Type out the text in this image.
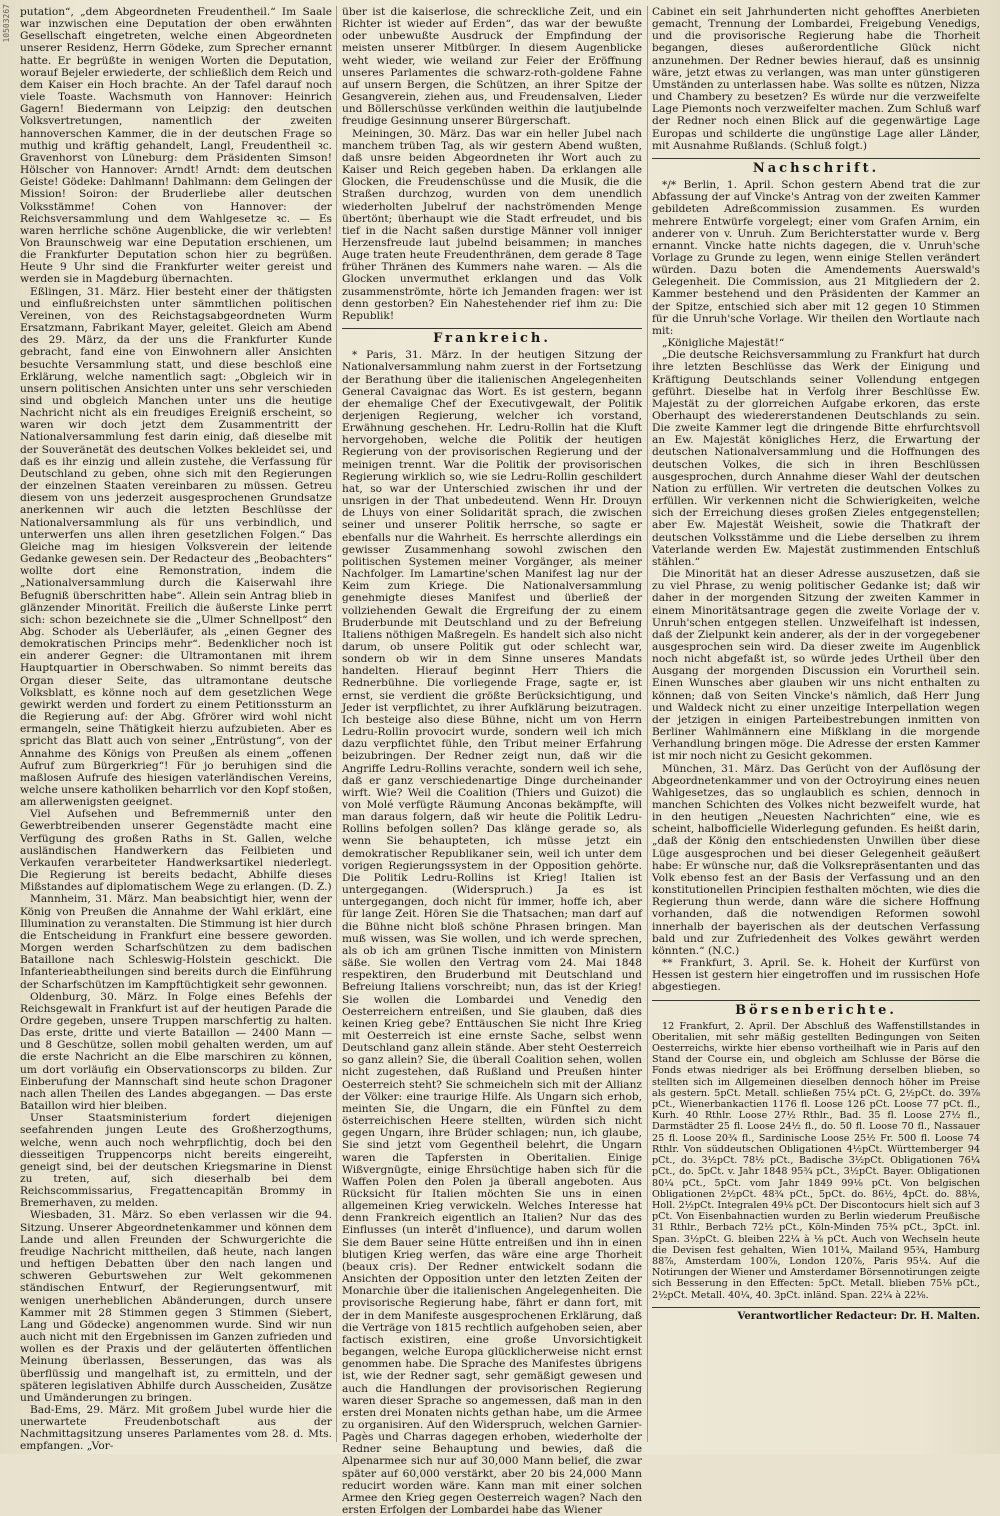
10503267 putation“, „dem Abgeordneten Freudentheil.“ Im Saale war inzwischen eine Deputation der oben erwähnten Gesellschaft eingetreten, welche einen Abgeordneten unserer Residenz, Herrn Gödeke, zum Sprecher ernannt hatte. Er begrüßte in wenigen Worten die Deputation, worauf Bejeler erwiederte, der schließlich dem Reich und dem Kaiser ein Hoch brachte. An der Tafel darauf noch viele Toaste. Wachsmuth von Hannover: Heinrich Gagern! Biedermann von Leipzig: den deutschen Volksvertretungen, namentlich der zweiten hannoverschen Kammer, die in der deutschen Frage so muthig und kräftig gehandelt, Langl, Freudentheil ꝛc. Gravenhorst von Lüneburg: dem Präsidenten Simson! Hölscher von Hannover: Arndt! Arndt: dem deutschen Geiste! Gödeke: Dahlmann! Dahlmann: dem Gelingen der Mission! Soiron: der Bruderliebe aller deutschen Volksstämme! Cohen von Hannover: der Reichsversammlung und dem Wahlgesetze ꝛc. — Es waren herrliche schöne Augenblicke, die wir verlebten! Von Braunschweig war eine Deputation erschienen, um die Frankfurter Deputation schon hier zu begrüßen. Heute 9 Uhr sind die Frankfurter weiter gereist und werden sie in Magdeburg übernachten.

Eßlingen, 31. März. Hier besteht einer der thätigsten und einflußreichsten unter sämmtlichen politischen Vereinen, von des Reichstagsabgeordneten Wurm Ersatzmann, Fabrikant Mayer, geleitet. Gleich am Abend des 29. März, da der uns die Frankfurter Kunde gebracht, fand eine von Einwohnern aller Ansichten besuchte Versammlung statt, und diese beschloß eine Erklärung, welche namentlich sagt: „Obgleich wir in unsern politischen Ansichten unter uns sehr verschieden sind und obgleich Manchen unter uns die heutige Nachricht nicht als ein freudiges Ereigniß erscheint, so waren wir doch jetzt dem Zusammentritt der Nationalversammlung fest darin einig, daß dieselbe mit der Souveränetät des deutschen Volkes bekleidet sei, und daß es ihr einzig und allein zustehe, die Verfassung für Deutschland zu geben, ohne sich mit den Regierungen der einzelnen Staaten vereinbaren zu müssen. Getreu diesem von uns jederzeit ausgesprochenen Grundsatze anerkennen wir auch die letzten Beschlüsse der Nationalversammlung als für uns verbindlich, und unterwerfen uns allen ihren gesetzlichen Folgen.“ Das Gleiche mag im hiesigen Volksverein der leitende Gedanke gewesen sein. Der Redacteur des „Beobachters“ wollte dort eine Remonstration, indem die „Nationalversammlung durch die Kaiserwahl ihre Befugniß überschritten habe“. Allein sein Antrag blieb in glänzender Minorität. Freilich die äußerste Linke perrt sich: schon bezeichnete sie die „Ulmer Schnellpost“ den Abg. Schoder als Ueberläufer, als „einen Gegner des demokratischen Princips mehr“. Bedenklicher noch ist ein anderer Gegner: die Ultramontanen mit ihrem Hauptquartier in Oberschwaben. So nimmt bereits das Organ dieser Seite, das ultramontane deutsche Volksblatt, es könne noch auf dem gesetzlichen Wege gewirkt werden und fordert zu einem Petitionssturm an die Regierung auf: der Abg. Gfrörer wird wohl nicht ermangeln, seine Thätigkeit hierzu aufzubieten. Aber es spricht das Blatt auch von seiner „Entrüstung“, von der Annahme des Königs von Preußen als einem „offenen Aufruf zum Bürgerkrieg“! Für jo beruhigen sind die maßlosen Aufrufe des hiesigen vaterländischen Vereins, welche unsere katholiken beharrlich vor den Kopf stoßen, am allerwenigsten geeignet.

Viel Aufsehen und Befremmerniß unter den Gewerbtreibenden unserer Gegenstädte macht eine Verfügung des großen Raths in St. Gallen, welche ausländischen Handwerkern das Feilbieten und Verkaufen verarbeiteter Handwerksartikel niederlegt. Die Regierung ist bereits bedacht, Abhilfe dieses Mißstandes auf diplomatischem Wege zu erlangen. (D. Z.)

Mannheim, 31. März. Man beabsichtigt hier, wenn der König von Preußen die Annahme der Wahl erklärt, eine Illumination zu veranstalten. Die Stimmung ist hier durch die Entscheidung in Frankfurt eine bessere geworden. Morgen werden Scharfschützen zu dem badischen Bataillone nach Schleswig-Holstein geschickt. Die Infanterieabtheilungen sind bereits durch die Einführung der Scharfschützen im Kampftüchtigkeit sehr gewonnen.

Oldenburg, 30. März. In Folge eines Befehls der Reichsgewalt in Frankfurt ist auf der heutigen Parade die Ordre gegeben, unsere Truppen marschfertig zu halten. Das erste, dritte und vierte Bataillon — 2400 Mann — und 8 Geschütze, sollen mobil gehalten werden, um auf die erste Nachricht an die Elbe marschiren zu können, um dort vorläufig ein Observationscorps zu bilden. Zur Einberufung der Mannschaft sind heute schon Dragoner nach allen Theilen des Landes abgegangen. — Das erste Bataillon wird hier bleiben.

Unser Staatsministerium fordert diejenigen seefahrenden jungen Leute des Großherzogthums, welche, wenn auch noch wehrpflichtig, doch bei den diesseitigen Truppencorps nicht bereits eingereiht, geneigt sind, bei der deutschen Kriegsmarine in Dienst zu treten, auf, sich dieserhalb bei dem Reichscommissarius, Fregattencapitän Brommy in Bremerhaven, zu melden.

Wiesbaden, 31. März. So eben verlassen wir die 94. Sitzung. Unserer Abgeordnetenkammer und können dem Lande und allen Freunden der Schwurgerichte die freudige Nachricht mittheilen, daß heute, nach langen und heftigen Debatten über den nach langen und schweren Geburtswehen zur Welt gekommenen ständischen Entwurf, der Regierungsentwurf, mit wenigen unerheblichen Abänderungen, durch unsere Kammer mit 28 Stimmen gegen 3 Stimmen (Siebert, Lang und Gödecke) angenommen wurde. Sind wir nun auch nicht mit den Ergebnissen im Ganzen zufrieden und wollen es der Praxis und der geläuterten öffentlichen Meinung überlassen, Besserungen, das was als überflüssig und mangelhaft ist, zu ermitteln, und der späteren legislativen Abhilfe durch Ausscheiden, Zusätze und Umänderungen zu bringen.

Bad-Ems, 29. März. Mit großem Jubel wurde hier die unerwartete Freudenbotschaft aus der Nachmittagsitzung unseres Parlamentes vom 28. d. Mts. empfangen. „Vor-

über ist die kaiserlose, die schreckliche Zeit, und ein Richter ist wieder auf Erden“, das war der bewußte oder unbewußte Ausdruck der Empfindung der meisten unserer Mitbürger. In diesem Augenblicke weht wieder, wie weiland zur Feier der Eröffnung unseres Parlamentes die schwarz-roth-goldene Fahne auf unsern Bergen, die Schützen, an ihrer Spitze der Gesangverein, ziehen aus, und Freudensalven, Lieder und Böllerschüsse verkünden weithin die lautjubelnde freudige Gesinnung unserer Bürgerschaft.

Meiningen, 30. März. Das war ein heller Jubel nach manchem trüben Tag, als wir gestern Abend wußten, daß unsre beiden Abgeordneten ihr Wort auch zu Kaiser und Reich gegeben haben. Da erklangen alle Glocken, die Freudenschüsse und die Musik, die die Straßen durchzog, wurden von dem unendlich wiederholten Jubelruf der nachströmenden Menge übertönt; überhaupt wie die Stadt erfreudet, und bis tief in die Nacht saßen durstige Männer voll inniger Herzensfreude laut jubelnd beisammen; in manches Auge traten heute Freudenthränen, dem gerade 8 Tage früher Thränen des Kummers nahe waren. — Als die Glocken unvermuthet erklangen und das Volk zusammenströmte, hörte ich Jemanden fragen: wer ist denn gestorben? Ein Nahestehender rief ihm zu: Die Republik!

Frankreich.

* Paris, 31. März. In der heutigen Sitzung der Nationalversammlung nahm zuerst in der Fortsetzung der Berathung über die italienischen Angelegenheiten General Cavaignac das Wort. Es ist gestern, begann der ehemalige Chef der Executivgewalt, der Politik derjenigen Regierung, welcher ich vorstand, Erwähnung geschehen. Hr. Ledru-Rollin hat die Kluft hervorgehoben, welche die Politik der heutigen Regierung von der provisorischen Regierung und der meinigen trennt. War die Politik der provisorischen Regierung wirklich so, wie sie Ledru-Rollin geschildert hat, so war der Unterschied zwischen ihr und der unsrigen in der That unbedeutend. Wenn Hr. Drouyn de Lhuys von einer Solidarität sprach, die zwischen seiner und unserer Politik herrsche, so sagte er ebenfalls nur die Wahrheit. Es herrschte allerdings ein gewisser Zusammenhang sowohl zwischen den politischen Systemen meiner Vorgänger, als meiner Nachfolger. Im Lamartine'schen Manifest lag nur der Keim zum Kriege. Die Nationalversammlung genehmigte dieses Manifest und überließ der vollziehenden Gewalt die Ergreifung der zu einem Bruderbunde mit Deutschland und zu der Befreiung Italiens nöthigen Maßregeln. Es handelt sich also nicht darum, ob unsere Politik gut oder schlecht war, sondern ob wir in dem Sinne unseres Mandats handelten. Hierauf beginnt Herr Thiers die Rednerbühne. Die vorliegende Frage, sagte er, ist ernst, sie verdient die größte Berücksichtigung, und Jeder ist verpflichtet, zu ihrer Aufklärung beizutragen. Ich besteige also diese Bühne, nicht um von Herrn Ledru-Rollin provocirt wurde, sondern weil ich mich dazu verpflichtet fühle, den Tribut meiner Erfahrung beizubringen. Der Redner zeigt nun, daß wir die Angriffe Ledru-Rollins verachte, sondern weil ich sehe, daß er ganz verschiedenartige Dinge durcheinander wirft. Wie? Weil die Coalition (Thiers und Guizot) die von Molé verfügte Räumung Anconas bekämpfte, will man daraus folgern, daß wir heute die Politik Ledru-Rollins befolgen sollen? Das klänge gerade so, als wenn Sie behaupteten, ich müsse jetzt ein demokratischer Republikaner sein, weil ich unter dem vorigen Regierungssystem in der Opposition gehörte. Die Politik Ledru-Rollins ist Krieg! Italien ist untergegangen. (Widerspruch.) Ja es ist untergegangen, doch nicht für immer, hoffe ich, aber für lange Zeit. Hören Sie die Thatsachen; man darf auf die Bühne nicht bloß schöne Phrasen bringen. Man muß wissen, was Sie wollen, und ich werde sprechen, als ob ich am grünen Tische inmitten von Ministern säße. Sie wollen den Vertrag vom 24. Mai 1848 respektiren, den Bruderbund mit Deutschland und Befreiung Italiens vorschreibt; nun, das ist der Krieg! Sie wollen die Lombardei und Venedig den Oesterreichern entreißen, und Sie glauben, daß dies keinen Krieg gebe? Enttäuschen Sie nicht Ihre Krieg mit Oesterreich ist eine ernste Sache, selbst wenn Deutschland ganz allein stände. Aber steht Oesterreich so ganz allein? Sie, die überall Coalition sehen, wollen nicht zugestehen, daß Rußland und Preußen hinter Oesterreich steht? Sie schmeicheln sich mit der Allianz der Völker: eine traurige Hilfe. Als Ungarn sich erhob, meinten Sie, die Ungarn, die ein Fünftel zu dem österreichischen Heere stellten, würden sich nicht gegen Ungarn, ihre Brüder schlagen; nun, ich glaube, Sie sind jetzt vom Gegentheil belehrt, die Ungarn waren die Tapfersten in Oberitalien. Einige Wißvergnügte, einige Ehrsüchtige haben sich für die Waffen Polen den Polen ja überall angeboten. Aus Rücksicht für Italien möchten Sie uns in einen allgemeinen Krieg verwickeln. Welches Interesse hat denn Frankreich eigentlich an Italien? Nur das des Einflusses (un interêt d'influence), und darum wollen Sie dem Bauer seine Hütte entreißen und ihn in einen blutigen Krieg werfen, das wäre eine arge Thorheit (beaux cris). Der Redner entwickelt sodann die Ansichten der Opposition unter den letzten Zeiten der Monarchie über die italienischen Angelegenheiten. Die provisorische Regierung habe, fährt er dann fort, mit der in dem Manifeste ausgesprochenen Erklärung, daß die Verträge von 1815 rechtlich aufgehoben seien, aber factisch existiren, eine große Unvorsichtigkeit begangen, welche Europa glücklicherweise nicht ernst genommen habe. Die Sprache des Manifestes übrigens ist, wie der Redner sagt, sehr gemäßigt gewesen und auch die Handlungen der provisorischen Regierung waren dieser Sprache so angemessen, daß man in den ersten drei Monaten nichts gethan habe, um die Armee zu organisiren. Auf den Widerspruch, welchen Garnier-Pagès und Charras dagegen erhoben, wiederholte der Redner seine Behauptung und bewies, daß die Alpenarmee sich nur auf 30,000 Mann belief, die zwar später auf 60,000 verstärkt, aber 20 bis 24,000 Mann reducirt worden wäre. Kann man mit einer solchen Armee den Krieg gegen Oesterreich wagen? Nach den ersten Erfolgen der Lombardei habe das Wiener

Cabinet ein seit Jahrhunderten nicht gehofftes Anerbieten gemacht, Trennung der Lombardei, Freigebung Venedigs, und die provisorische Regierung habe die Thorheit begangen, dieses außerordentliche Glück nicht anzunehmen. Der Redner bewies hierauf, daß es unsinnig wäre, jetzt etwas zu verlangen, was man unter günstigeren Umständen zu unterlassen habe. Was sollte es nützen, Nizza und Chambery zu besetzen? Es würde nur die verzweifelte Lage Piemonts noch verzweifelter machen. Zum Schluß warf der Redner noch einen Blick auf die gegenwärtige Lage Europas und schilderte die ungünstige Lage aller Länder, mit Ausnahme Rußlands. (Schluß folgt.)

Nachschrift.

*/* Berlin, 1. April. Schon gestern Abend trat die zur Abfassung der auf Vincke's Antrag von der zweiten Kammer gebildeten Adreßcommission zusammen. Es wurden mehrere Entwürfe vorgelegt; einer vom Grafen Arnim, ein anderer von v. Unruh. Zum Berichterstatter wurde v. Berg ernannt. Vincke hatte nichts dagegen, die v. Unruh'sche Vorlage zu Grunde zu legen, wenn einige Stellen verändert würden. Dazu boten die Amendements Auerswald's Gelegenheit. Die Commission, aus 21 Mitgliedern der 2. Kammer bestehend und den Präsidenten der Kammer an der Spitze, entschied sich aber mit 12 gegen 10 Stimmen für die Unruh'sche Vorlage. Wir theilen den Wortlaute nach mit:

„Königliche Majestät!“

„Die deutsche Reichsversammlung zu Frankfurt hat durch ihre letzten Beschlüsse das Werk der Einigung und Kräftigung Deutschlands seiner Vollendung entgegen geführt. Dieselbe hat in Verfolg ihrer Beschlüsse Ew. Majestät zu der glorreichen Aufgabe erkoren, das erste Oberhaupt des wiedererstandenen Deutschlands zu sein. Die zweite Kammer legt die dringende Bitte ehrfurchtsvoll an Ew. Majestät königliches Herz, die Erwartung der deutschen Nationalversammlung und die Hoffnungen des deutschen Volkes, die sich in ihren Beschlüssen ausgesprochen, durch Annahme dieser Wahl der deutschen Nation zu erfüllen. Wir vertreten die deutschen Volkes zu erfüllen. Wir verkennen nicht die Schwierigkeiten, welche sich der Erreichung dieses großen Zieles entgegenstellen; aber Ew. Majestät Weisheit, sowie die Thatkraft der deutschen Volksstämme und die Liebe derselben zu ihrem Vaterlande werden Ew. Majestät zustimmenden Entschluß stählen.“

Die Minorität hat an dieser Adresse auszusetzen, daß sie zu viel Phrase, zu wenig politischer Gedanke ist; daß wir daher in der morgenden Sitzung der zweiten Kammer in einem Minoritätsantrage gegen die zweite Vorlage der v. Unruh'schen entgegen stellen. Unzweifelhaft ist indessen, daß der Zielpunkt kein anderer, als der in der vorgegebener ausgesprochen sein wird. Da dieser zweite im Augenblick noch nicht abgefaßt ist, so würde jedes Urtheil über den Ausgang der morgenden Discussion ein Vorurtheil sein. Einen Wunsches aber glauben wir uns nicht enthalten zu können; daß von Seiten Vincke's nämlich, daß Herr Jung und Waldeck nicht zu einer unzeitige Interpellation wegen der jetzigen in einigen Parteibestrebungen inmitten von Berliner Wahlmännern eine Mißklang in die morgende Verhandlung bringen möge. Die Adresse der ersten Kammer ist mir noch nicht zu Gesicht gekommen.

München, 31. März. Das Gerücht von der Auflösung der Abgeordnetenkammer und von der Octroyirung eines neuen Wahlgesetzes, das so unglaublich es schien, dennoch in manchen Schichten des Volkes nicht bezweifelt wurde, hat in den heutigen „Neuesten Nachrichten“ eine, wie es scheint, halbofficielle Widerlegung gefunden. Es heißt darin, „daß der König den entschiedensten Unwillen über diese Lüge ausgesprochen und bei dieser Gelegenheit geäußert habe: Er wünsche nur, daß die Volksrepräsentanten und das Volk ebenso fest an der Basis der Verfassung und an den konstitutionellen Principien festhalten möchten, wie dies die Regierung thun werde, dann wäre die sichere Hoffnung vorhanden, daß die notwendigen Reformen sowohl innerhalb der bayerischen als der deutschen Verfassung bald und zur Zufriedenheit des Volkes gewährt werden könnten.“ (N.C.)

** Frankfurt, 3. April. Se. k. Hoheit der Kurfürst von Hessen ist gestern hier eingetroffen und im russischen Hofe abgestiegen.

Börsenberichte.

12 Frankfurt, 2. April. Der Abschluß des Waffenstillstandes in Oberitalien, mit sehr mäßig gestellten Bedingungen von Seiten Oesterreichs, wirkte hier ebenso vortheilhaft wie in Paris auf den Stand der Course ein, und obgleich am Schlusse der Börse die Fonds etwas niedriger als bei Eröffnung derselben blieben, so stellten sich im Allgemeinen dieselben dennoch höher im Preise als gestern. 5pCt. Metall. schließen 75¼ pCt. G, 2½pCt. do. 39⅞ pCt., Wienerbankactien 1176 fl. Loose 126 pCt. Loose 77 pCt. fl., Kurh. 40 Rthlr. Loose 27½ Rthlr., Bad. 35 fl. Loose 27½ fl., Darmstädter 25 fl. Loose 24½ fl., do. 50 fl. Loose 70 fl., Nassauer 25 fl. Loose 20¾ fl., Sardinische Loose 25½ Fr. 500 fl. Loose 74 Rthlr. Von süddeutschen Obligationen 4½pCt. Württemberger 94 pCt., do. 3½pCt. 78½ pCt., Badische 3½pCt. Obligationen 76¼ pCt., do. 5pCt. v. Jahr 1848 95¾ pCt., 3½pCt. Bayer. Obligationen 80¼ pCt., 5pCt. vom Jahr 1849 99⅛ pCt. Von belgischen Obligationen 2½pCt. 48¾ pCt., 5pCt. do. 86½, 4pCt. do. 88⅛, Holl. 2½pCt. Integralen 49⅛ pCt. Der Discontocurs hielt sich auf 3 pCt. Von Eisenbahnactien wurden zu Berlin wiederum Preußische 31 Rthlr., Berbach 72½ pCt., Köln-Minden 75¾ pCt., 3pCt. inl. Span. 3½pCt. G. bleiben 22¼ à ⅛ pCt. Auch von Wechseln heute die Devisen fest gehalten, Wien 101¼, Mailand 95¾, Hamburg 88⅞, Amsterdam 100⅞, London 120⅞, Paris 95¼. Auf die Notirungen der Wiener und Amsterdamer Börsennotirungen zeigte sich Besserung in den Effecten: 5pCt. Metall. blieben 75⅛ pCt., 2½pCt. Metall. 40¼, 40. 3pCt. inländ. Span. 22¼ à 22⅛.

Verantwortlicher Redacteur: Dr. H. Malten.
